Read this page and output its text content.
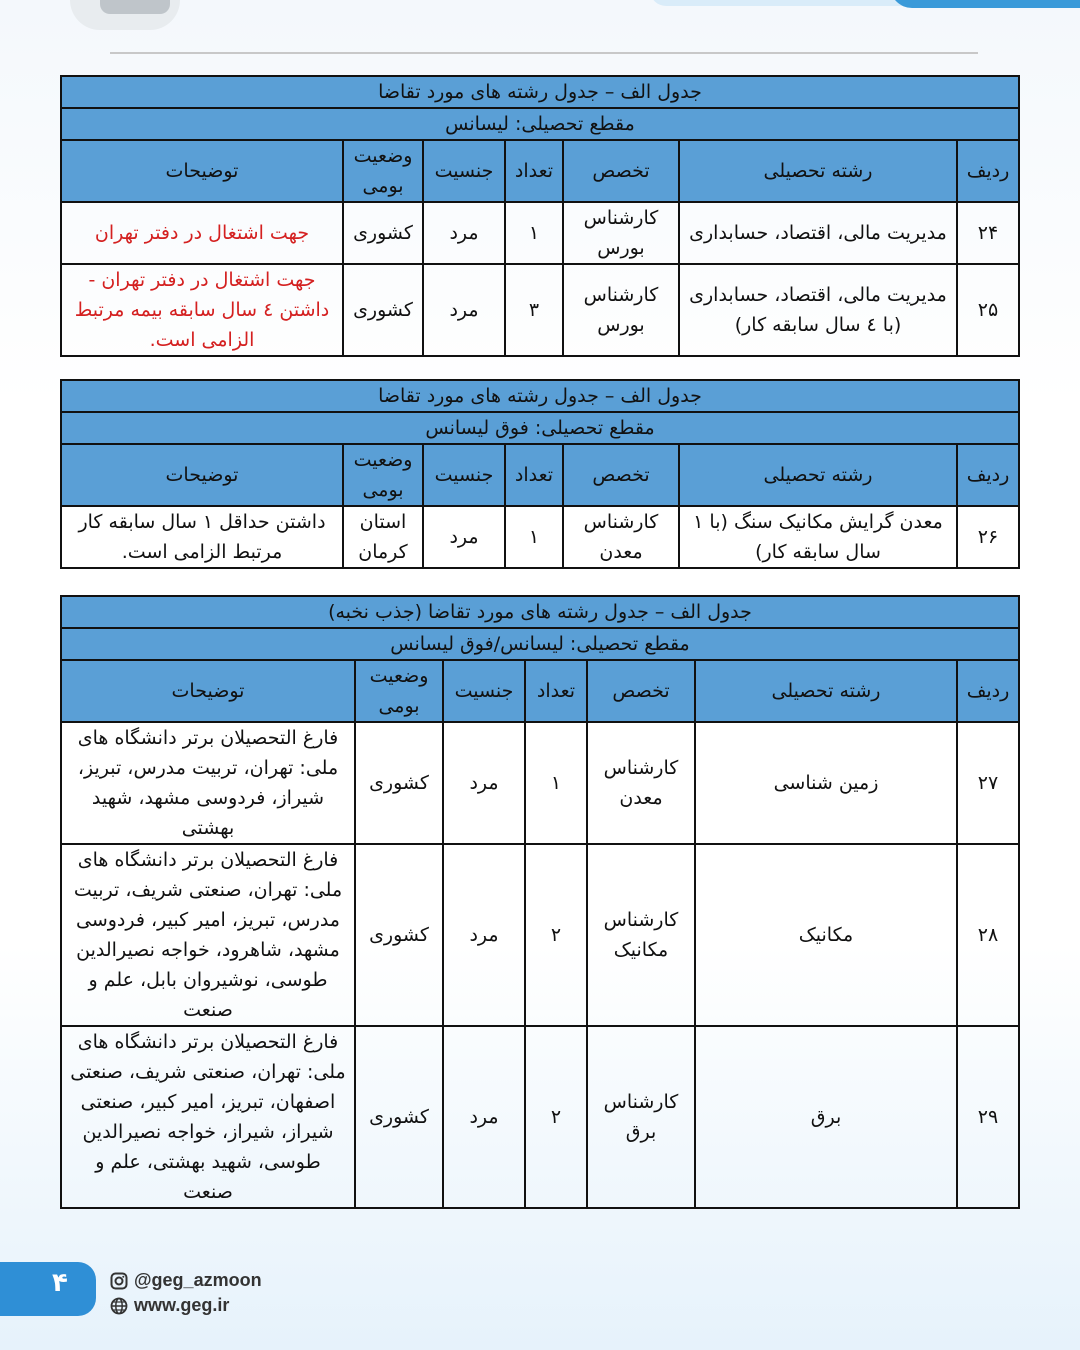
جدول الف – جدول رشته های مورد تقاضا						
مقطع تحصیلی: لیسانس						
ردیف	رشته تحصیلی	تخصص	تعداد	جنسیت	وضعیت بومی	توضیحات
۲۴	مدیریت مالی، اقتصاد، حسابداری	کارشناس بورس	۱	مرد	کشوری	جهت اشتغال در دفتر تهران
۲۵	مدیریت مالی، اقتصاد، حسابداری (با ٤ سال سابقه کار)	کارشناس بورس	۳	مرد	کشوری	جهت اشتغال در دفتر تهران - داشتن ٤ سال سابقه بیمه مرتبط الزامی است.
جدول الف – جدول رشته های مورد تقاضا						
مقطع تحصیلی: فوق لیسانس						
ردیف	رشته تحصیلی	تخصص	تعداد	جنسیت	وضعیت بومی	توضیحات
۲۶	معدن گرایش مکانیک سنگ (با ۱ سال سابقه کار)	کارشناس معدن	۱	مرد	استان کرمان	داشتن حداقل ۱ سال سابقه کار مرتبط الزامی است.
جدول الف – جدول رشته های مورد تقاضا (جذب نخبه)						
مقطع تحصیلی: لیسانس/فوق لیسانس						
ردیف	رشته تحصیلی	تخصص	تعداد	جنسیت	وضعیت بومی	توضیحات
۲۷	زمین شناسی	کارشناس معدن	۱	مرد	کشوری	فارغ التحصیلان برتر دانشگاه های ملی: تهران، تربیت مدرس، تبریز، شیراز، فردوسی مشهد، شهید بهشتی
۲۸	مکانیک	کارشناس مکانیک	۲	مرد	کشوری	فارغ التحصیلان برتر دانشگاه های ملی: تهران، صنعتی شریف، تربیت مدرس، تبریز، امیر کبیر، فردوسی مشهد، شاهرود، خواجه نصیرالدین طوسی، نوشیروان بابل، علم و صنعت
۲۹	برق	کارشناس برق	۲	مرد	کشوری	فارغ التحصیلان برتر دانشگاه های ملی: تهران، صنعتی شریف، صنعتی اصفهان، تبریز، امیر کبیر، صنعتی شیراز، شیراز، خواجه نصیرالدین طوسی، شهید بهشتی، علم و صنعت
۴	@geg_azmoon
www.geg.ir
